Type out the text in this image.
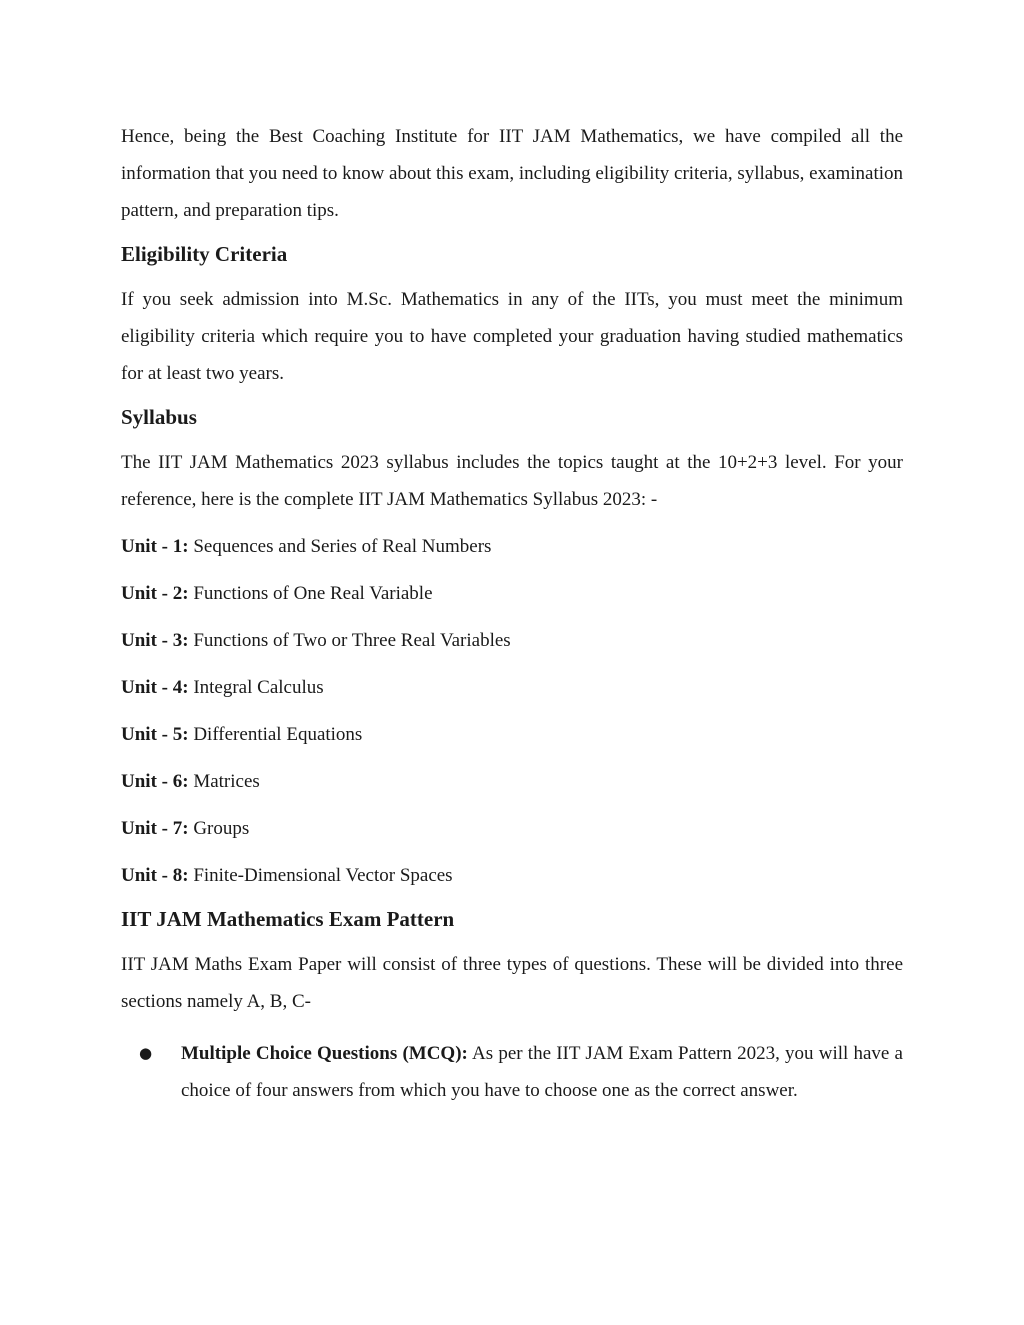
Hence, being the Best Coaching Institute for IIT JAM Mathematics, we have compiled all the information that you need to know about this exam, including eligibility criteria, syllabus, examination pattern, and preparation tips.

Eligibility Criteria

If you seek admission into M.Sc. Mathematics in any of the IITs, you must meet the minimum eligibility criteria which require you to have completed your graduation having studied mathematics for at least two years.

Syllabus

The IIT JAM Mathematics 2023 syllabus includes the topics taught at the 10+2+3 level. For your reference, here is the complete IIT JAM Mathematics Syllabus 2023: -

Unit - 1: Sequences and Series of Real Numbers

Unit - 2: Functions of One Real Variable

Unit - 3: Functions of Two or Three Real Variables

Unit - 4: Integral Calculus

Unit - 5: Differential Equations

Unit - 6: Matrices

Unit - 7: Groups

Unit - 8: Finite-Dimensional Vector Spaces

IIT JAM Mathematics Exam Pattern

IIT JAM Maths Exam Paper will consist of three types of questions. These will be divided into three sections namely A, B, C-

● Multiple Choice Questions (MCQ): As per the IIT JAM Exam Pattern 2023, you will have a choice of four answers from which you have to choose one as the correct answer.
